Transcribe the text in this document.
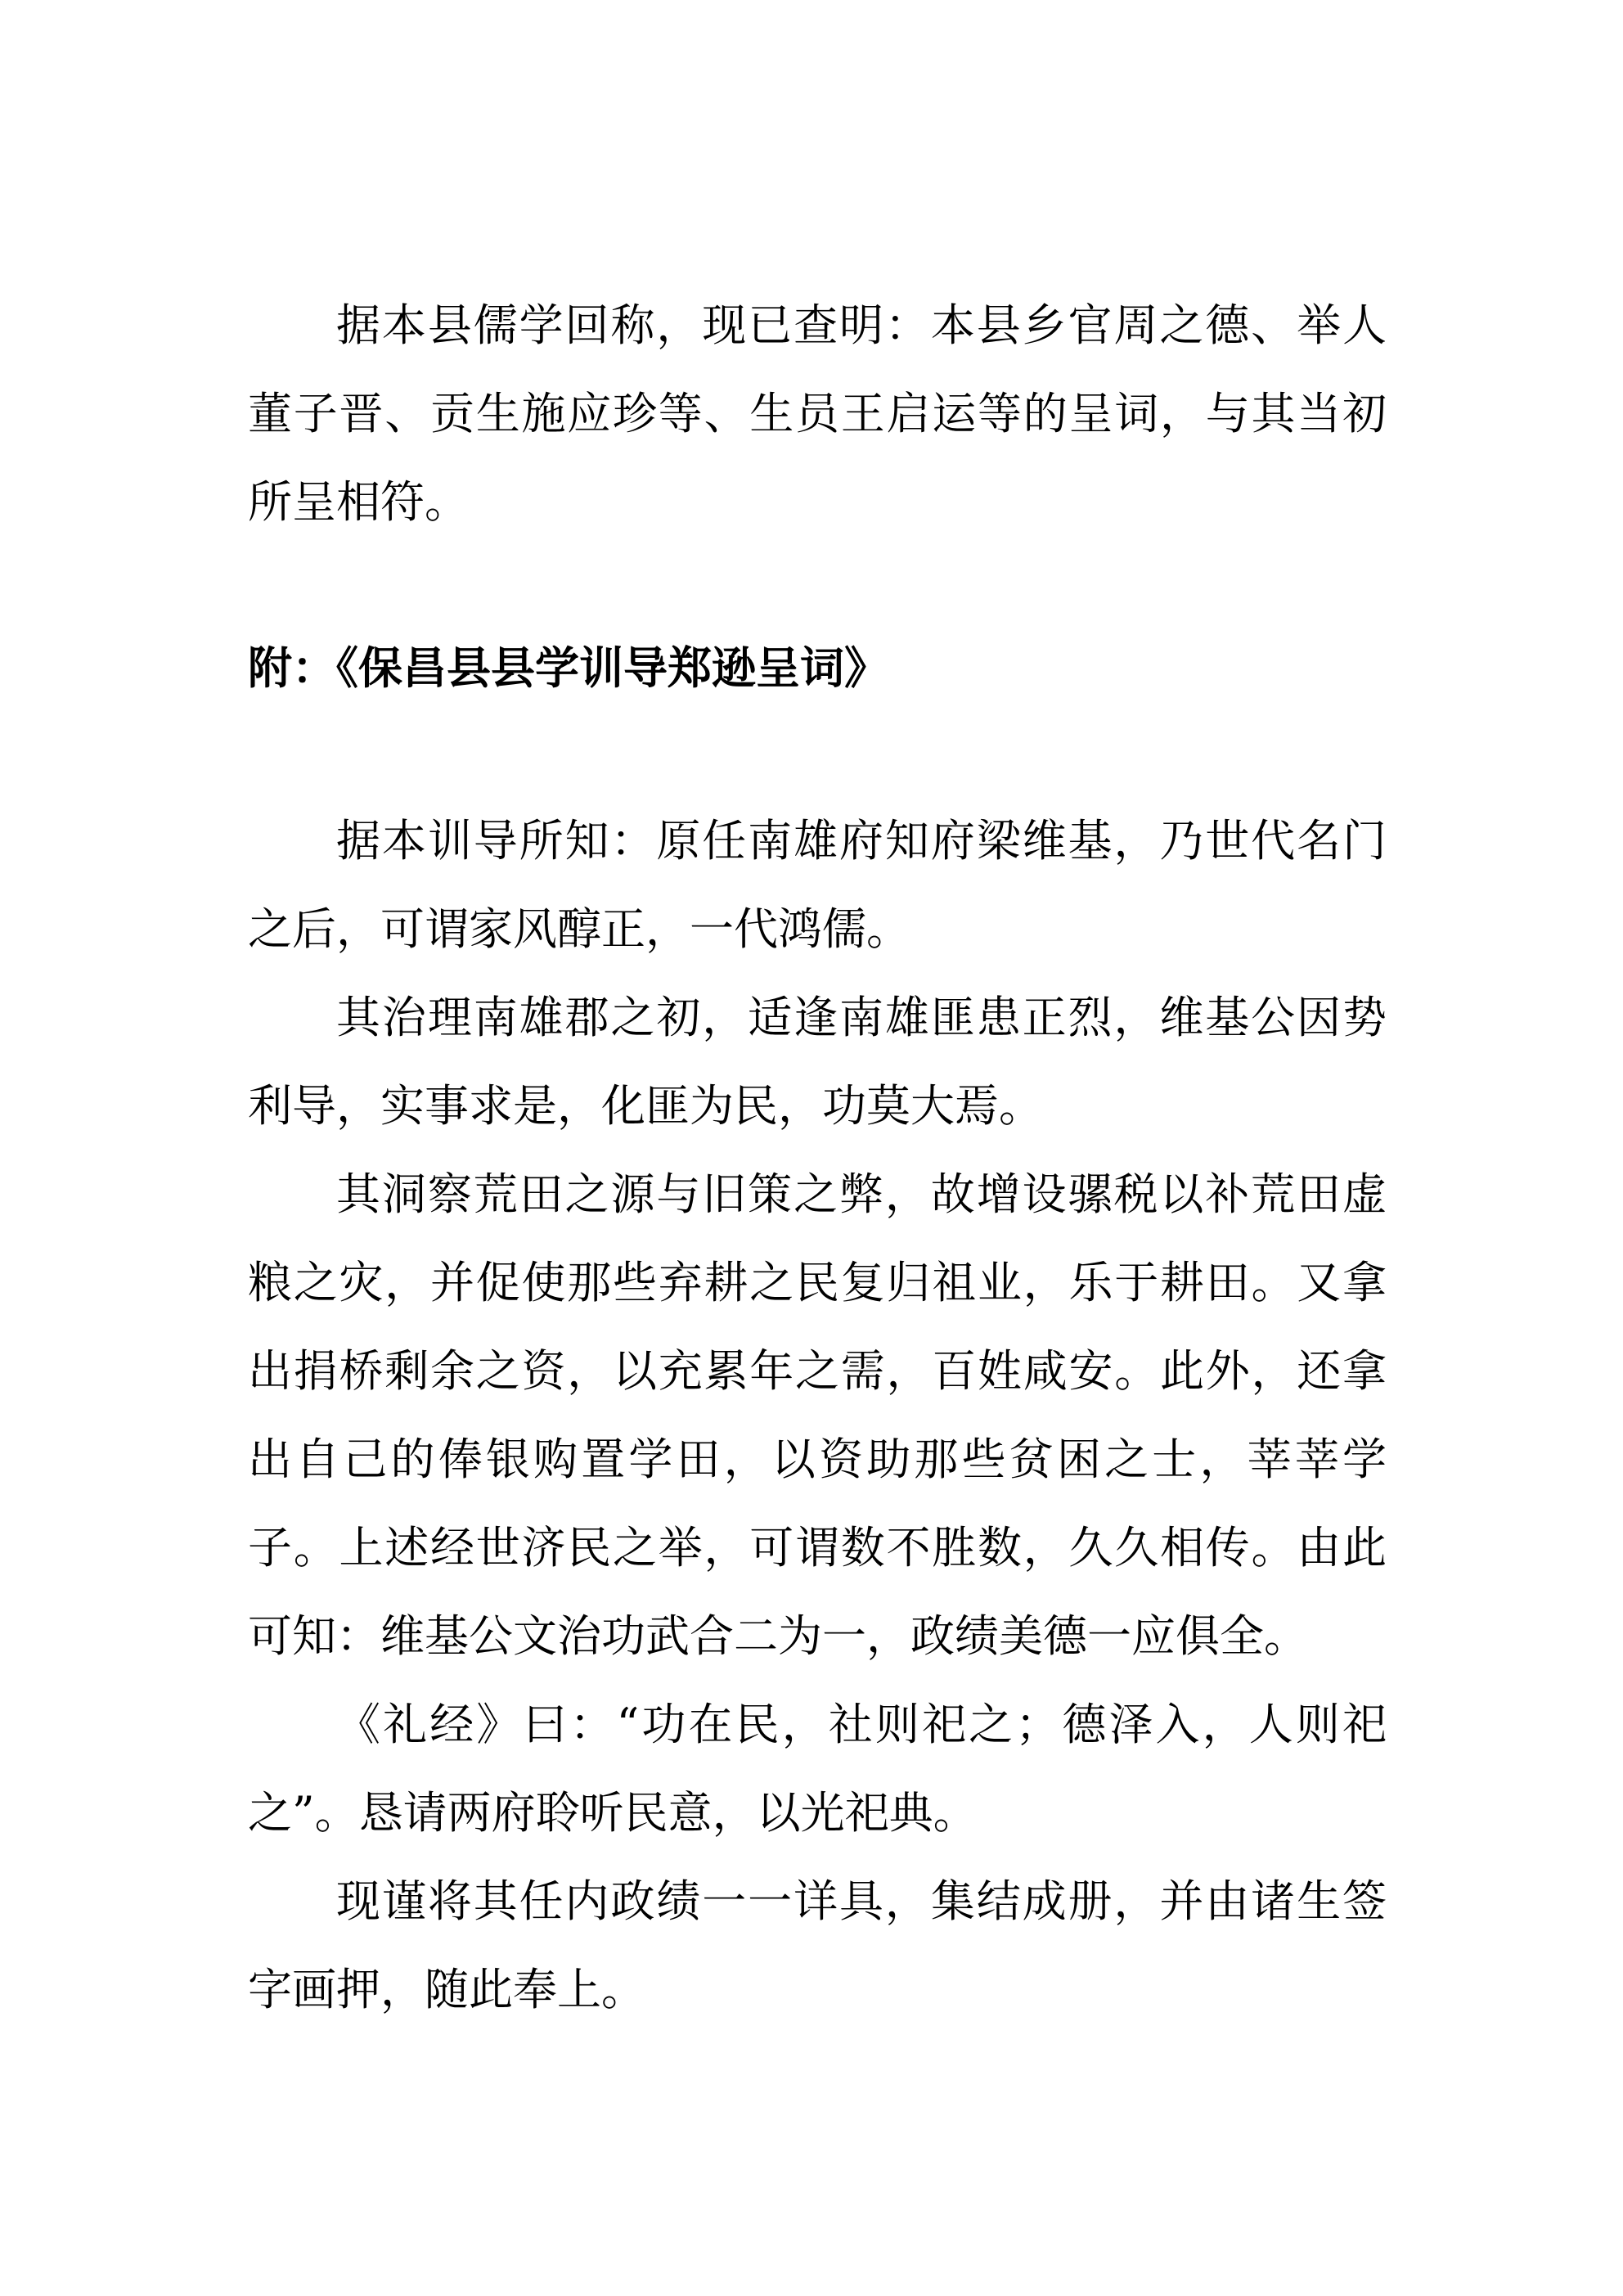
据本县儒学回称，现已查明：本县乡官周之德、举人董子晋、贡生施应珍等、生员王启运等的呈词，与其当初所呈相符。

附：《保昌县县学训导郑逊呈词》

据本训导所知：原任南雄府知府梁维基，乃世代名门之后，可谓家风醇正，一代鸿儒。

其治理南雄郡之初，适逢南雄匪患正烈，维基公因势利导，实事求是，化匪为民，功莫大焉。

其洞察荒田之源与旧策之弊，故增设骡税以补荒田虚粮之灾，并促使那些弃耕之民复归祖业，乐于耕田。又拿出捐桥剩余之资，以充累年之需，百姓咸安。此外，还拿出自己的俸银购置学田，以资助那些贫困之士，莘莘学子。上述经世济民之举，可谓数不胜数，久久相传。由此可知：维基公文治功武合二为一，政绩美德一应俱全。

《礼经》曰：“功在民，社则祀之；德泽入，人则祀之”。恳请两府聆听民意，以光祀典。

现谨将其任内政绩一一详具，集结成册，并由诸生签字画押，随此奉上。
